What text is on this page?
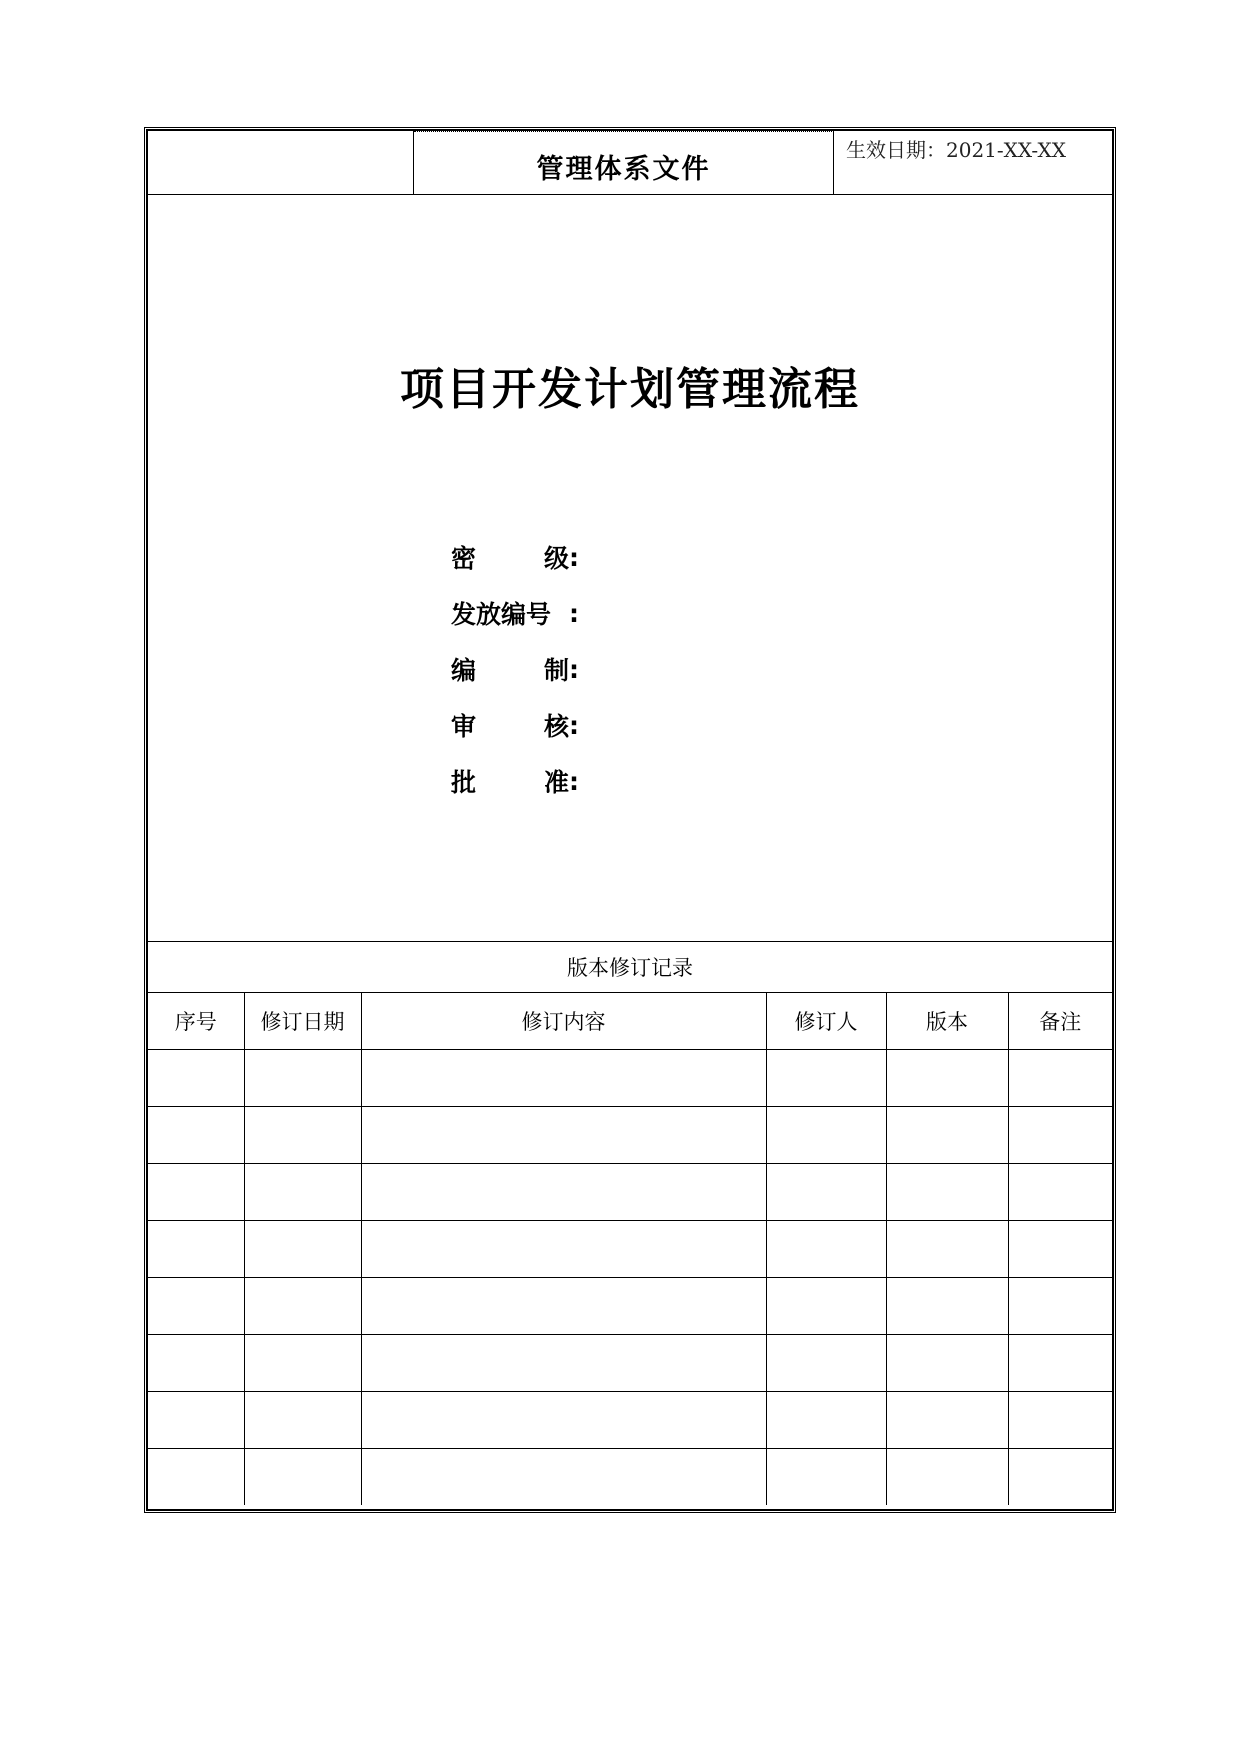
管理体系文件
生效日期：2021-XX-XX
项目开发计划管理流程
密	级 :
发放编号 :
编	制 :
审	核 :
批	准 :
版本修订记录
序号	修订日期	修订内容	修订人	版本	备注
